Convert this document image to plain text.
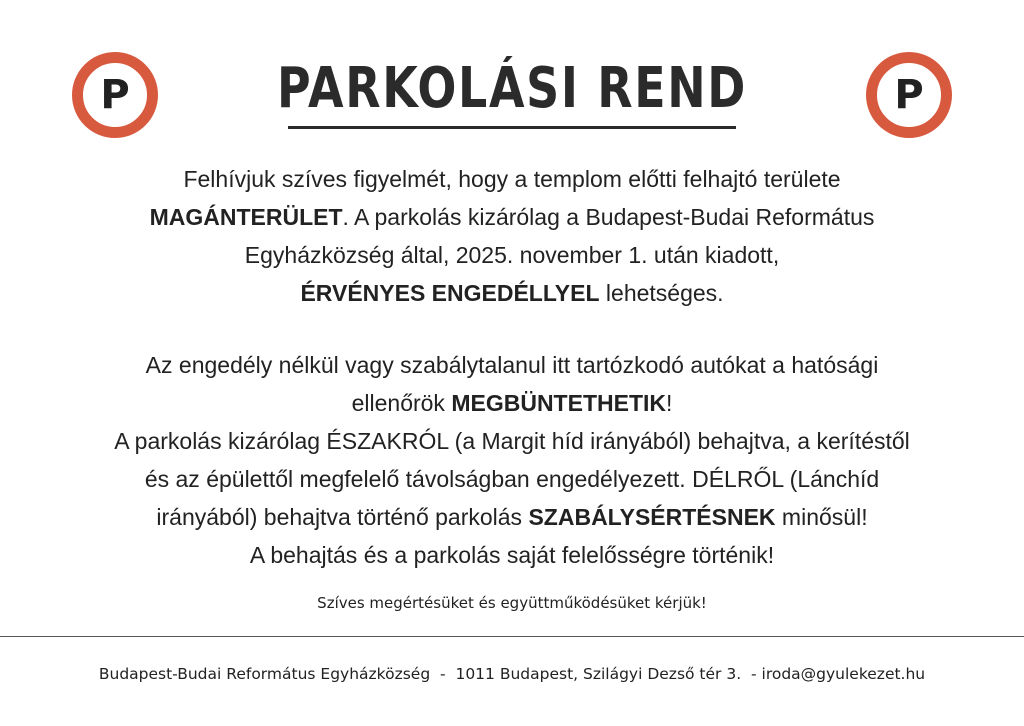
P	P
PARKOLÁSI REND
Felhívjuk szíves figyelmét, hogy a templom előtti felhajtó területe
MAGÁNTERÜLET. A parkolás kizárólag a Budapest-Budai Református
Egyházközség által, 2025. november 1. után kiadott,
ÉRVÉNYES ENGEDÉLLYEL lehetséges.
Az engedély nélkül vagy szabálytalanul itt tartózkodó autókat a hatósági
ellenőrök MEGBÜNTETHETIK!
A parkolás kizárólag ÉSZAKRÓL (a Margit híd irányából) behajtva, a kerítéstől
és az épülettől megfelelő távolságban engedélyezett. DÉLRŐL (Lánchíd
irányából) behajtva történő parkolás SZABÁLYSÉRTÉSNEK minősül!
A behajtás és a parkolás saját felelősségre történik!
Szíves megértésüket és együttműködésüket kérjük!
Budapest-Budai Református Egyházközség  -  1011 Budapest, Szilágyi Dezső tér 3.  - iroda@gyulekezet.hu
